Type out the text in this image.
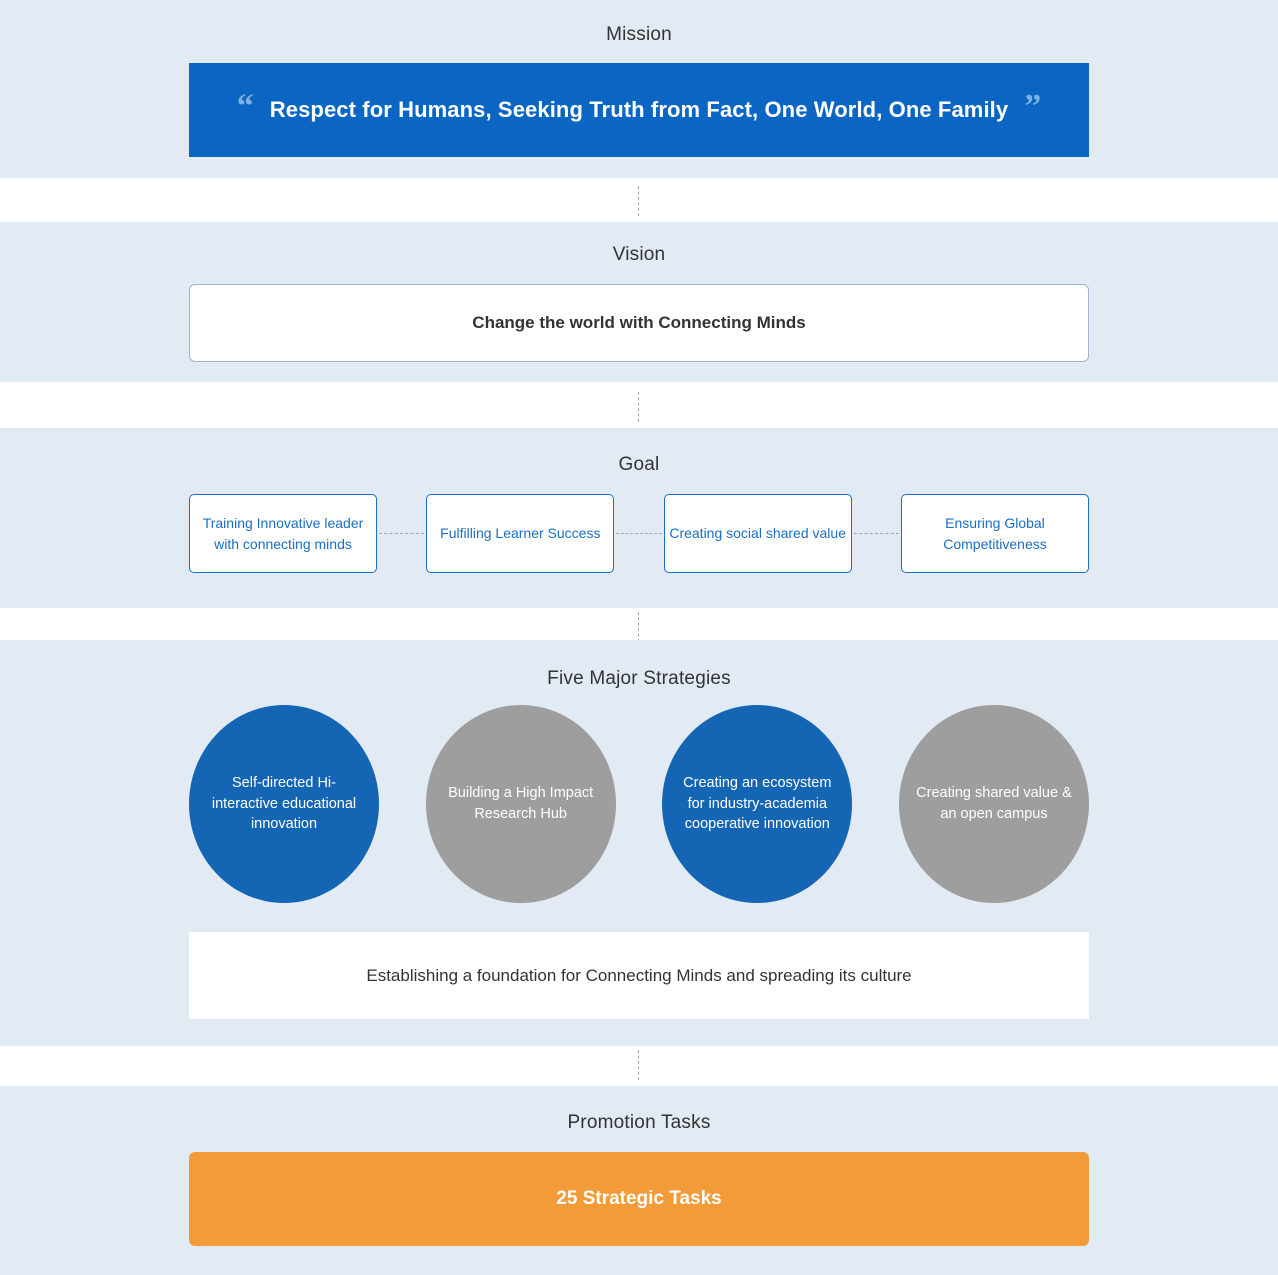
Mission
“ Respect for Humans, Seeking Truth from Fact, One World, One Family ”
Vision
Change the world with Connecting Minds
Goal
Training Innovative leader with connecting minds
Fulfilling Learner Success	Creating social shared value
Ensuring Global Competitiveness
Five Major Strategies
Self-directed Hi-interactive educational innovation
Building a High Impact Research Hub
Creating an ecosystem for industry-academia cooperative innovation
Creating shared value & an open campus
Establishing a foundation for Connecting Minds and spreading its culture
Promotion Tasks
25 Strategic Tasks
